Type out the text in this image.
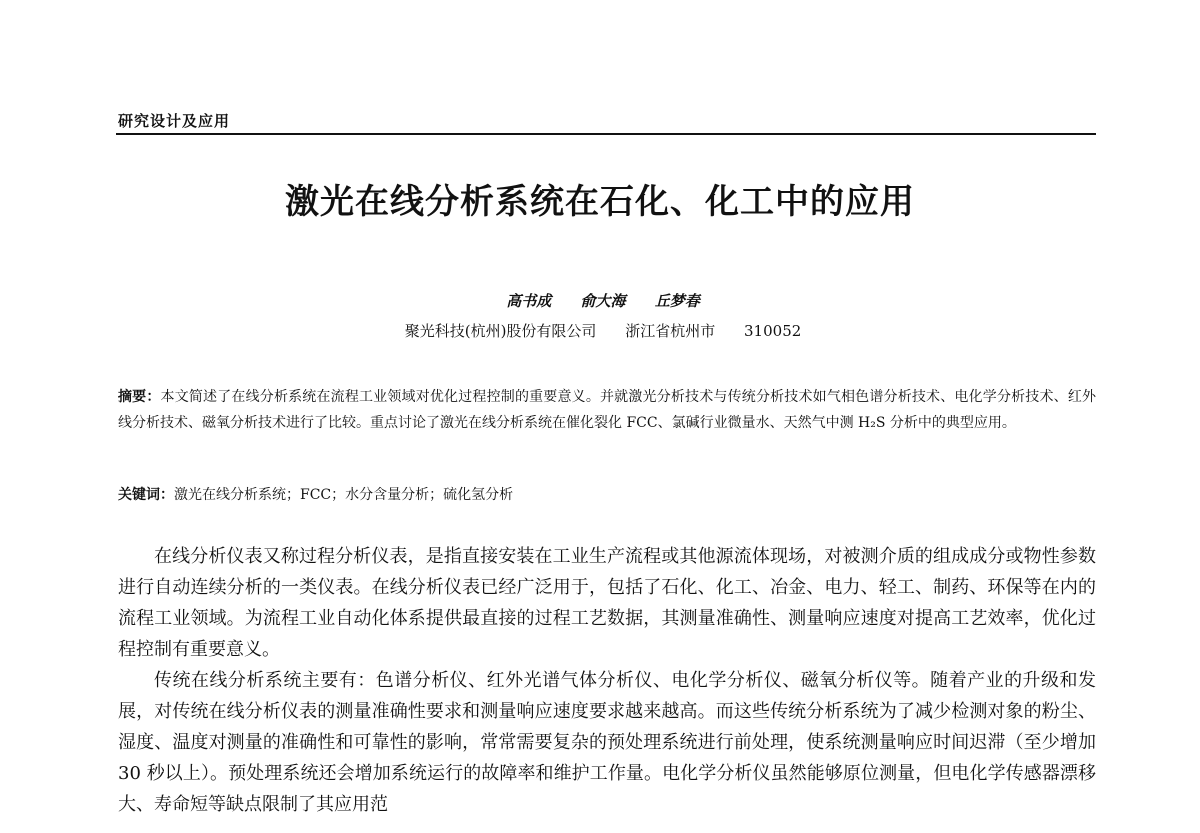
研究设计及应用
激光在线分析系统在石化、化工中的应用
高书成 俞大海 丘梦春
聚光科技(杭州)股份有限公司 浙江省杭州市 310052
摘要：本文简述了在线分析系统在流程工业领域对优化过程控制的重要意义。并就激光分析技术与传统分析技术如气相色谱分析技术、电化学分析技术、红外线分析技术、磁氧分析技术进行了比较。重点讨论了激光在线分析系统在催化裂化 FCC、氯碱行业微量水、天然气中测 H₂S 分析中的典型应用。
关键词：激光在线分析系统；FCC；水分含量分析；硫化氢分析

在线分析仪表又称过程分析仪表，是指直接安装在工业生产流程或其他源流体现场，对被测介质的组成成分或物性参数进行自动连续分析的一类仪表。在线分析仪表已经广泛用于，包括了石化、化工、冶金、电力、轻工、制药、环保等在内的流程工业领域。为流程工业自动化体系提供最直接的过程工艺数据，其测量准确性、测量响应速度对提高工艺效率，优化过程控制有重要意义。

传统在线分析系统主要有：色谱分析仪、红外光谱气体分析仪、电化学分析仪、磁氧分析仪等。随着产业的升级和发展，对传统在线分析仪表的测量准确性要求和测量响应速度要求越来越高。而这些传统分析系统为了减少检测对象的粉尘、湿度、温度对测量的准确性和可靠性的影响，常常需要复杂的预处理系统进行前处理，使系统测量响应时间迟滞（至少增加 30 秒以上）。预处理系统还会增加系统运行的故障率和维护工作量。电化学分析仪虽然能够原位测量，但电化学传感器漂移大、寿命短等缺点限制了其应用范
